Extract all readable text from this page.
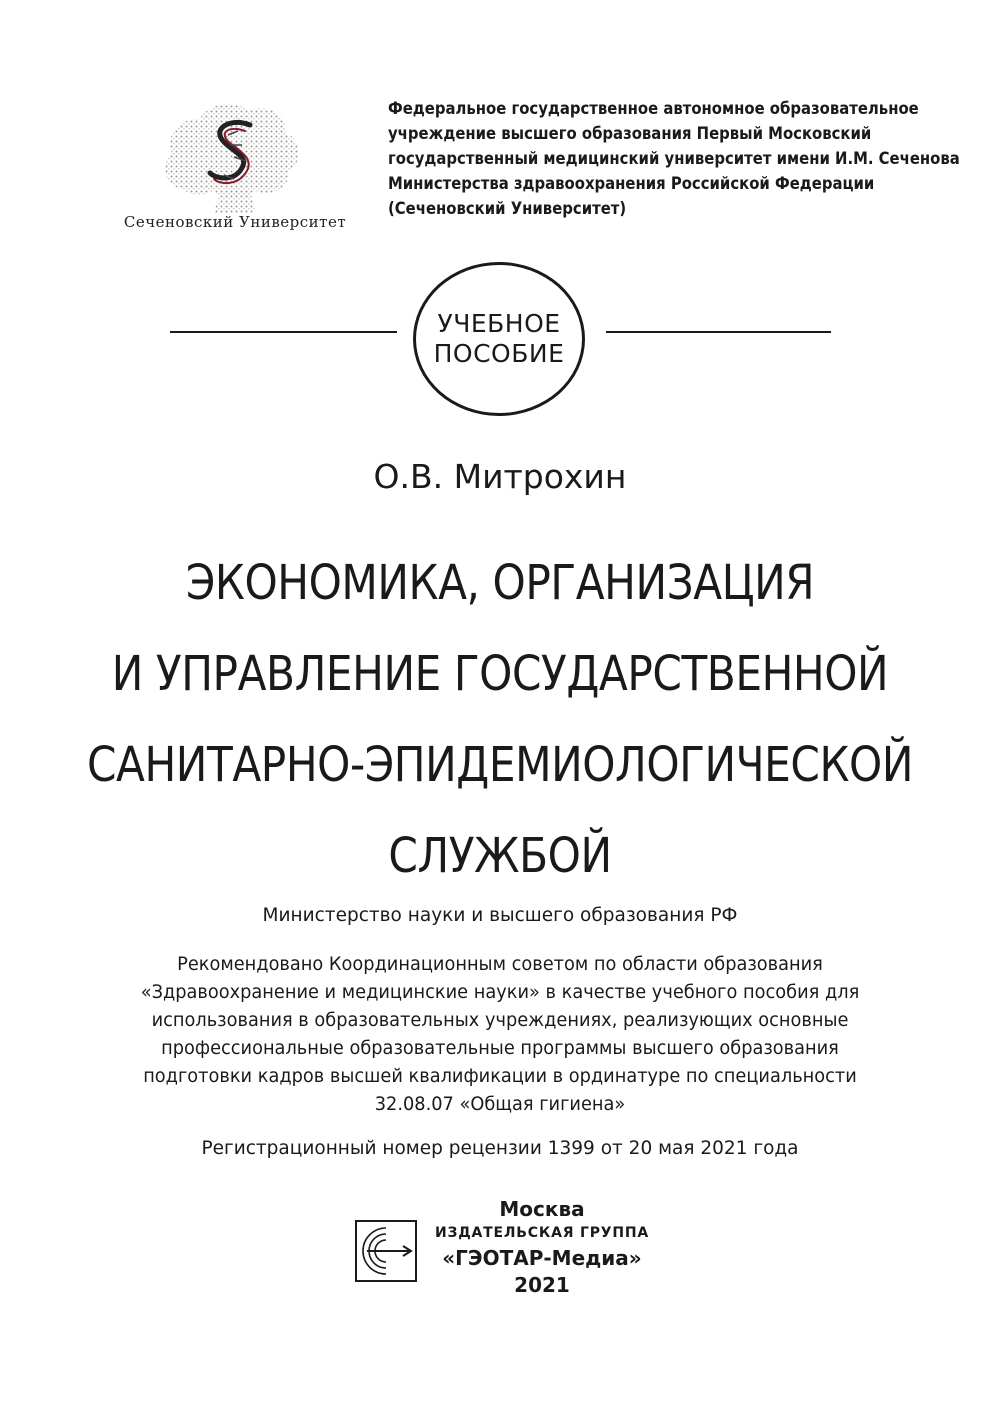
Сеченовский Университет
Федеральное государственное автономное образовательное
учреждение высшего образования Первый Московский
государственный медицинский университет имени И.М. Сеченова
Министерства здравоохранения Российской Федерации
(Сеченовский Университет)
УЧЕБНОЕ
ПОСОБИЕ
О.В. Митрохин
ЭКОНОМИКА, ОРГАНИЗАЦИЯ
И УПРАВЛЕНИЕ ГОСУДАРСТВЕННОЙ
САНИТАРНО-ЭПИДЕМИОЛОГИЧЕСКОЙ
СЛУЖБОЙ
Министерство науки и высшего образования РФ
Рекомендовано Координационным советом по области образования
«Здравоохранение и медицинские науки» в качестве учебного пособия для
использования в образовательных учреждениях, реализующих основные
профессиональные образовательные программы высшего образования
подготовки кадров высшей квалификации в ординатуре по специальности
32.08.07 «Общая гигиена»
Регистрационный номер рецензии 1399 от 20 мая 2021 года
Москва
ИЗДАТЕЛЬСКАЯ ГРУППА
«ГЭОТАР-Медиа»
2021
